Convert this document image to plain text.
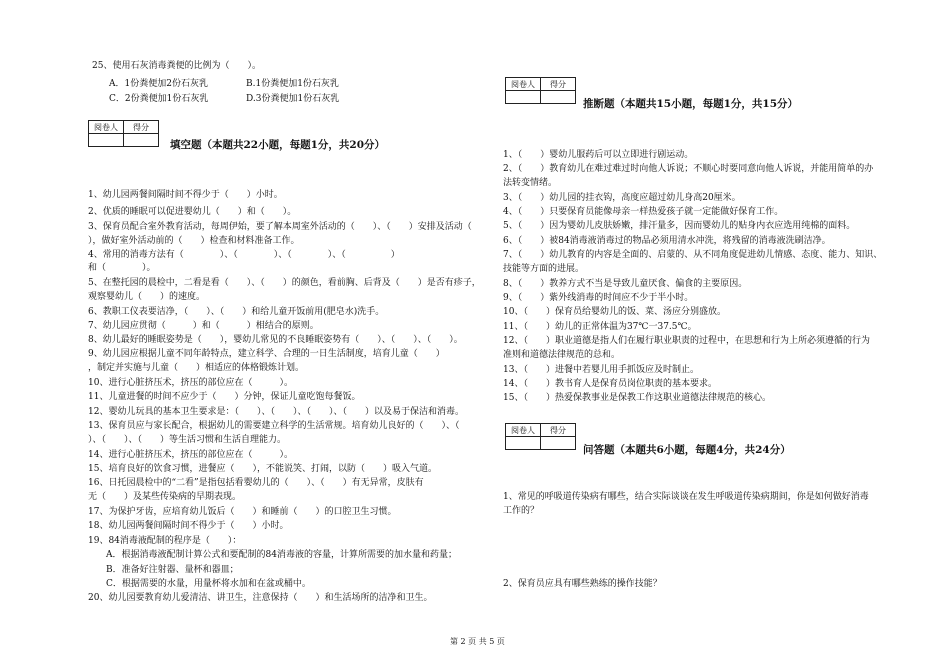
25、使用石灰消毒粪便的比例为（　　）。
A．1份粪便加2份石灰乳	B.1份粪便加1份石灰乳
C．2份粪便加1份石灰乳	D.3份粪便加1份石灰乳
阅卷人	得分

填空题（本题共22小题，每题1分，共20分）
1、幼儿园两餐间隔时间不得少于（　　）小时。
2、优质的睡眠可以促进婴幼儿（　　）和（　　）。
3、保育员配合室外教育活动，每周伊始，要了解本周室外活动的（　　）、（　　）安排及活动（
），做好室外活动前的（　　）检查和材料准备工作。
4、常用的消毒方法有（　　　　）、（　　　　）、（　　　　）、（　　　　　）
和（　　　　）。
5、在整托园的晨检中，二看是看（　　）、（　　）的颜色，看前胸、后背及（　　）是否有疹子，
观察婴幼儿（　　）的速度。
6、教职工仪表要洁净，（　　）、（　　）和给儿童开饭前用(肥皂水)洗手。
7、幼儿园应贯彻（　　　）和（　　　）相结合的原则。
8、幼儿最好的睡眠姿势是（　　），婴幼儿常见的不良睡眠姿势有（　　）、（　　）、（　　）。
9、幼儿园应根据儿童不同年龄特点，建立科学、合理的一日生活制度，培育儿童（　　）
，制定并实施与儿童（　　）相适应的体格锻炼计划。
10、进行心脏挤压术，挤压的部位应在（　　　）。
11、儿童进餐的时间不应少于（　　）分钟，保证儿童吃饱每餐饭。
12、婴幼儿玩具的基本卫生要求是：（　　）、（　　）、（　　）、（　　）以及易于保洁和消毒。
13、保育员应与家长配合，根据幼儿的需要建立科学的生活常规。培育幼儿良好的（　　）、（
）、（　　）、（　　）等生活习惯和生活自理能力。
14、进行心脏挤压术，挤压的部位应在（　　　）。
15、培育良好的饮食习惯，进餐应（　　），不能说笑、打闹，以防（　　）吸入气道。
16、日托园晨检中的“二看”是指包括看婴幼儿的（　　）、（　　）有无异常，皮肤有
无（　　）及某些传染病的早期表现。
17、为保护牙齿，应培育幼儿饭后（　　）和睡前（　　）的口腔卫生习惯。
18、幼儿园两餐间隔时间不得少于（　　）小时。
19、84消毒液配制的程序是（　　）：
A．根据消毒液配制计算公式和要配制的84消毒液的容量，计算所需要的加水量和药量；
B．准备好注射器、量杯和器皿；
C．根据需要的水量，用量杯将水加和在盆或桶中。
20、幼儿园要教育幼儿爱清洁、讲卫生，注意保持（　　）和生活场所的洁净和卫生。
阅卷人	得分

推断题（本题共15小题，每题1分，共15分）
1、（　　）婴幼儿服药后可以立即进行剧运动。
2、（　　）教育幼儿在难过难过时向他人诉说；不顺心时要同意向他人诉说，并能用简单的办
法转变情绪。
3、（　　）幼儿园的挂衣钩，高度应超过幼儿身高20厘米。
4、（　　）只要保育员能像母亲一样热爱孩子就一定能做好保育工作。
5、（　　）因为婴幼儿皮肤娇嫩，排汗量多，因而婴幼儿的贴身内衣应选用纯棉的面料。
6、（　　）被84消毒液消毒过的物品必须用清水冲洗，将残留的消毒液洗刷洁净。
7、（　　）幼儿教育的内容是全面的、启蒙的、从不同角度促进幼儿情感、态度、能力、知识、
技能等方面的进展。
8、（　　）教养方式不当是导致儿童厌食、偏食的主要原因。
9、（　　）紫外线消毒的时间应不少于半小时。
10、（　　）保育员给婴幼儿的饭、菜、汤应分别盛放。
11、（　　）幼儿的正常体温为37℃一37.5℃。
12、（　　）职业道德是指人们在履行职业职责的过程中，在思想和行为上所必须遵循的行为
准则和道德法律规范的总和。
13、（　　）进餐中若婴儿用手抓饭应及时制止。
14、（　　）教书育人是保育员岗位职责的基本要求。
15、（　　）热爱保教事业是保教工作这职业道德法律规范的核心。
阅卷人	得分

问答题（本题共6小题，每题4分，共24分）
1、常见的呼吸道传染病有哪些，结合实际谈谈在发生呼吸道传染病期间，你是如何做好消毒
工作的？
2、保育员应具有哪些熟练的操作技能？
第 2 页 共 5 页
